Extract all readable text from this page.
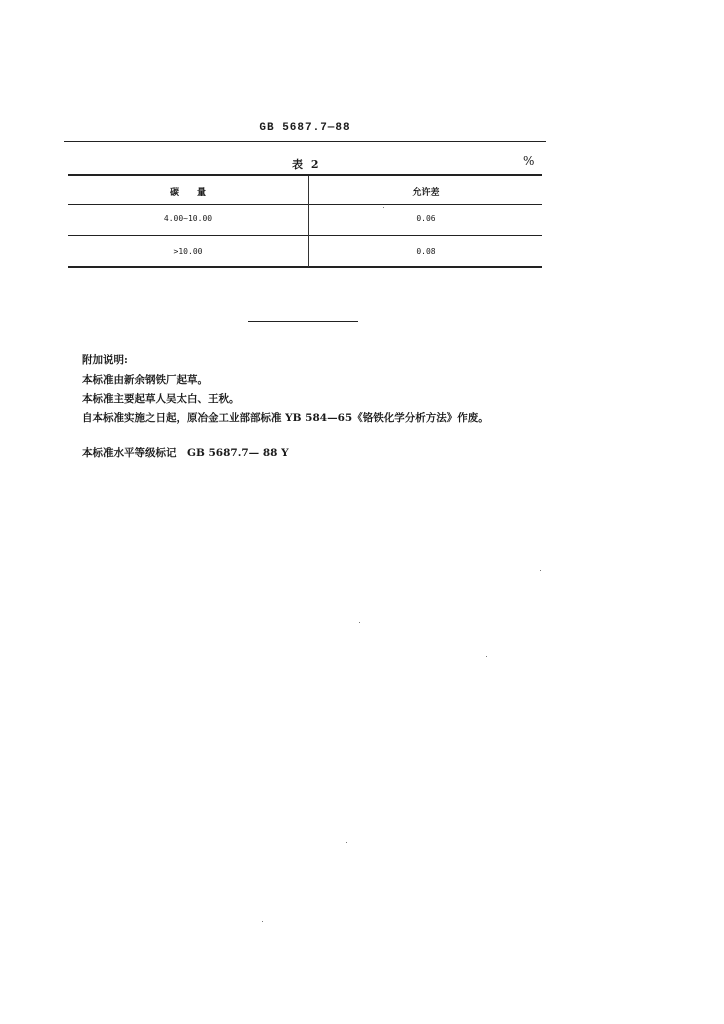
GB 5687.7—88
表 2	%
碳　　量	允许差
4.00~10.00	0.06
>10.00	0.08
附加说明:
本标准由新余钢铁厂起草。
本标准主要起草人吴太白、王秋。
自本标准实施之日起，原冶金工业部部标准 YB 584—65《铬铁化学分析方法》作废。
本标准水平等级标记　GB 5687.7— 88 Y
